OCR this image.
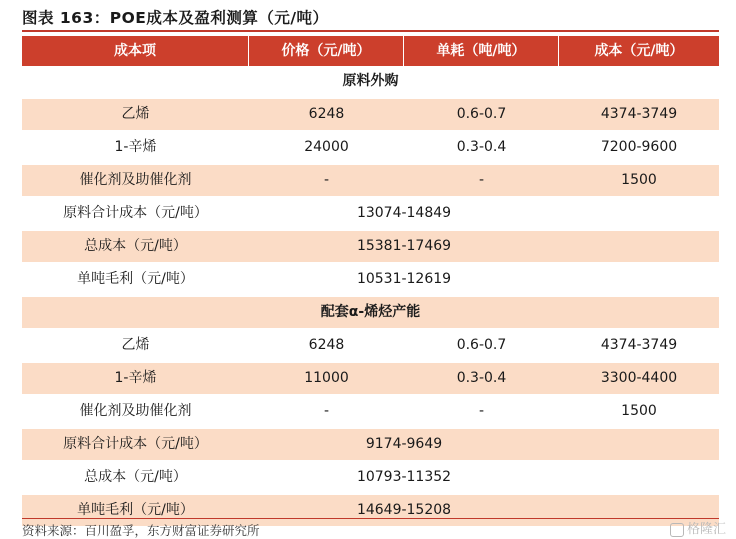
图表 163：POE成本及盈利测算（元/吨）
成本项	价格（元/吨）	单耗（吨/吨）	成本（元/吨）
原料外购			
乙烯	6248	0.6-0.7	4374-3749
1-辛烯	24000	0.3-0.4	7200-9600
催化剂及助催化剂	-	-	1500
原料合计成本（元/吨）	13074-14849		
总成本（元/吨）	15381-17469		
单吨毛利（元/吨）	10531-12619		
配套α-烯烃产能			
乙烯	6248	0.6-0.7	4374-3749
1-辛烯	11000	0.3-0.4	3300-4400
催化剂及助催化剂	-	-	1500
原料合计成本（元/吨）	9174-9649		
总成本（元/吨）	10793-11352		
单吨毛利（元/吨）	14649-15208		
资料来源：百川盈孚，东方财富证券研究所	格隆汇
